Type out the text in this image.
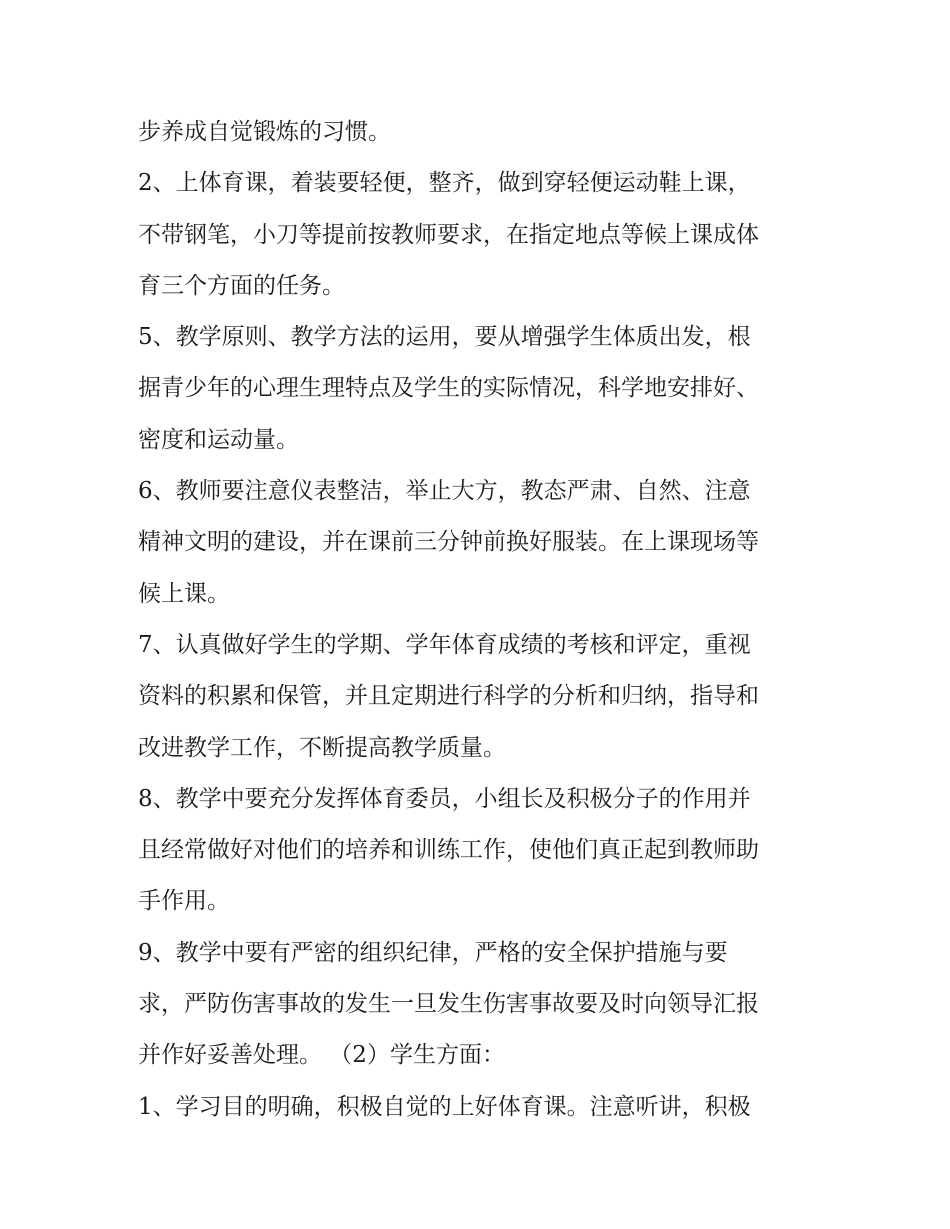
步养成自觉锻炼的习惯。
2、上体育课，着装要轻便，整齐，做到穿轻便运动鞋上课，
不带钢笔，小刀等提前按教师要求，在指定地点等候上课成体
育三个方面的任务。
5、教学原则、教学方法的运用，要从增强学生体质出发，根
据青少年的心理生理特点及学生的实际情况，科学地安排好、
密度和运动量。
6、教师要注意仪表整洁，举止大方，教态严肃、自然、注意
精神文明的建设，并在课前三分钟前换好服装。在上课现场等
候上课。
7、认真做好学生的学期、学年体育成绩的考核和评定，重视
资料的积累和保管，并且定期进行科学的分析和归纳，指导和
改进教学工作，不断提高教学质量。
8、教学中要充分发挥体育委员，小组长及积极分子的作用并
且经常做好对他们的培养和训练工作，使他们真正起到教师助
手作用。
9、教学中要有严密的组织纪律，严格的安全保护措施与要
求，严防伤害事故的发生一旦发生伤害事故要及时向领导汇报
并作好妥善处理。 （2）学生方面：
1、学习目的明确，积极自觉的上好体育课。注意听讲，积极
